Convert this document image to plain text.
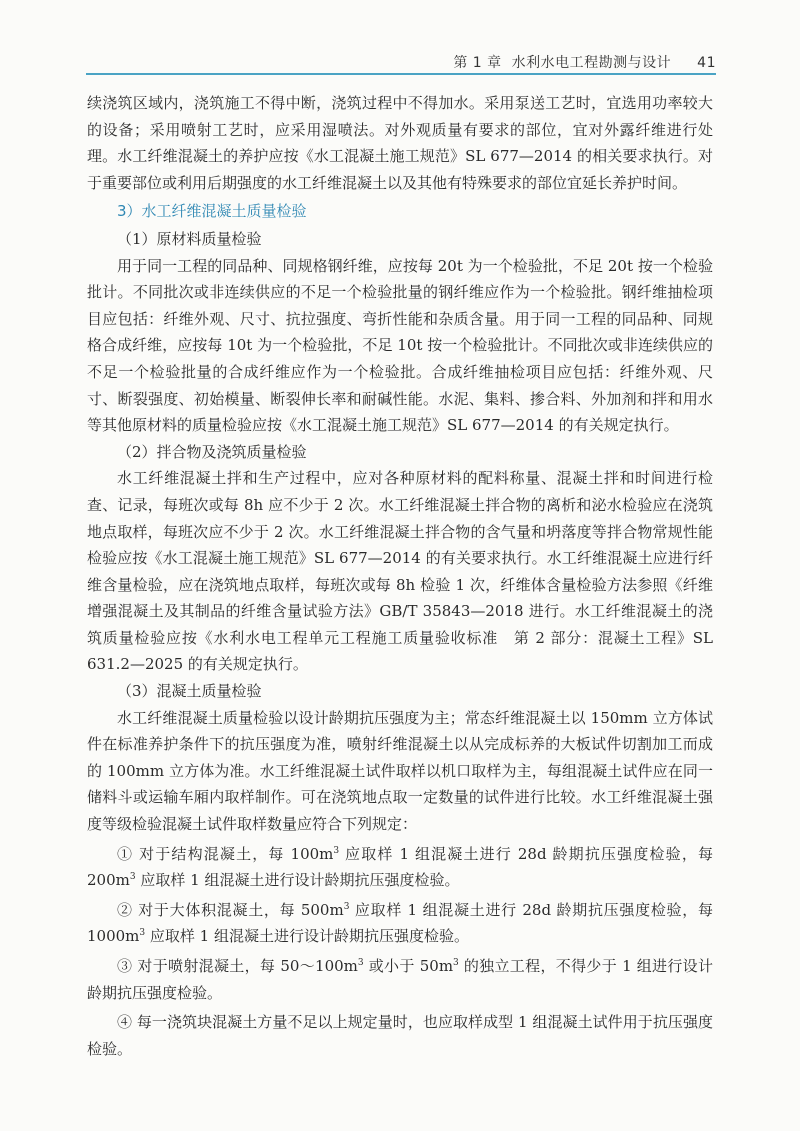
第 1 章 水利水电工程勘测与设计 41

续浇筑区域内，浇筑施工不得中断，浇筑过程中不得加水。采用泵送工艺时，宜选用功率较大的设备；采用喷射工艺时，应采用湿喷法。对外观质量有要求的部位，宜对外露纤维进行处理。水工纤维混凝土的养护应按《水工混凝土施工规范》SL 677—2014 的相关要求执行。对于重要部位或利用后期强度的水工纤维混凝土以及其他有特殊要求的部位宜延长养护时间。

3）水工纤维混凝土质量检验

（1）原材料质量检验

用于同一工程的同品种、同规格钢纤维，应按每 20t 为一个检验批，不足 20t 按一个检验批计。不同批次或非连续供应的不足一个检验批量的钢纤维应作为一个检验批。钢纤维抽检项目应包括：纤维外观、尺寸、抗拉强度、弯折性能和杂质含量。用于同一工程的同品种、同规格合成纤维，应按每 10t 为一个检验批，不足 10t 按一个检验批计。不同批次或非连续供应的不足一个检验批量的合成纤维应作为一个检验批。合成纤维抽检项目应包括：纤维外观、尺寸、断裂强度、初始模量、断裂伸长率和耐碱性能。水泥、集料、掺合料、外加剂和拌和用水等其他原材料的质量检验应按《水工混凝土施工规范》SL 677—2014 的有关规定执行。

（2）拌合物及浇筑质量检验

水工纤维混凝土拌和生产过程中，应对各种原材料的配料称量、混凝土拌和时间进行检查、记录，每班次或每 8h 应不少于 2 次。水工纤维混凝土拌合物的离析和泌水检验应在浇筑地点取样，每班次应不少于 2 次。水工纤维混凝土拌合物的含气量和坍落度等拌合物常规性能检验应按《水工混凝土施工规范》SL 677—2014 的有关要求执行。水工纤维混凝土应进行纤维含量检验，应在浇筑地点取样，每班次或每 8h 检验 1 次，纤维体含量检验方法参照《纤维增强混凝土及其制品的纤维含量试验方法》GB/T 35843—2018 进行。水工纤维混凝土的浇筑质量检验应按《水利水电工程单元工程施工质量验收标准　第 2 部分：混凝土工程》SL 631.2—2025 的有关规定执行。

（3）混凝土质量检验

水工纤维混凝土质量检验以设计龄期抗压强度为主；常态纤维混凝土以 150mm 立方体试件在标准养护条件下的抗压强度为准，喷射纤维混凝土以从完成标养的大板试件切割加工而成的 100mm 立方体为准。水工纤维混凝土试件取样以机口取样为主，每组混凝土试件应在同一储料斗或运输车厢内取样制作。可在浇筑地点取一定数量的试件进行比较。水工纤维混凝土强度等级检验混凝土试件取样数量应符合下列规定：

① 对于结构混凝土，每 $100m^3$ 应取样 1 组混凝土进行 28d 龄期抗压强度检验，每 $200m^3$ 应取样 1 组混凝土进行设计龄期抗压强度检验。

② 对于大体积混凝土，每 $500m^3$ 应取样 1 组混凝土进行 28d 龄期抗压强度检验，每 $1000m^3$ 应取样 1 组混凝土进行设计龄期抗压强度检验。

③ 对于喷射混凝土，每 $50\sim 100m^3$ 或小于 $50m^3$ 的独立工程，不得少于 1 组进行设计龄期抗压强度检验。

④ 每一浇筑块混凝土方量不足以上规定量时，也应取样成型 1 组混凝土试件用于抗压强度检验。
